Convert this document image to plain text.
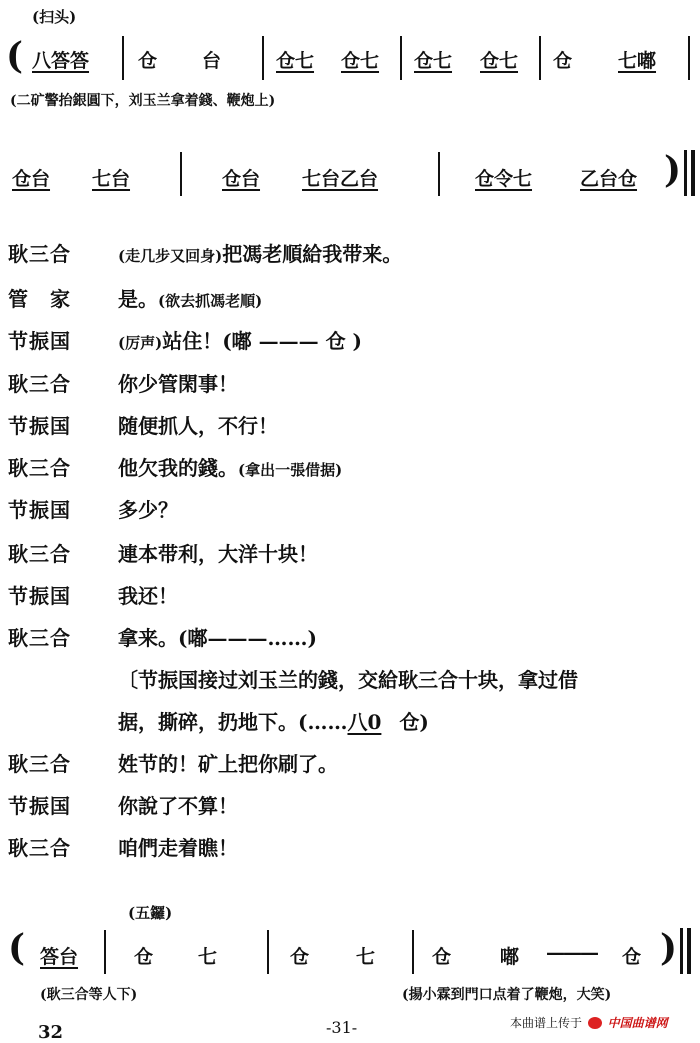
(扫头)
( 八答答	仓 台	仓七 仓七 仓七 仓七 仓 七嘟
(二矿警抬銀圓下，刘玉兰拿着錢、鞭炮上)
仓台 七台	仓台 七台乙台	仓令七	乙台仓 )
耿三合	(走几步又回身)把馮老順給我带来。
管　家	是。(欲去抓馮老順)
节振国	(厉声)站住！(嘟 ——— 仓 )
耿三合	你少管閑事！
节振国	随便抓人，不行！
耿三合	他欠我的錢。(拿出一張借据)
节振国	多少？
耿三合	連本带利，大洋十块！
节振国	我还！
耿三合	拿来。(嘟———……)
〔节振国接过刘玉兰的錢，交給耿三合十块，拿过借
据，撕碎，扔地下。(……八0 仓)
耿三合	姓节的！矿上把你刷了。
节振国	你說了不算！
耿三合	咱們走着瞧！
(五鑼)
( 答台	仓 七	仓 七	仓	嘟 ——— 仓 )
(耿三合等人下)	(揚小霖到門口点着了鞭炮，大笑)
32	-31-	本曲谱上传于 中国曲谱网
